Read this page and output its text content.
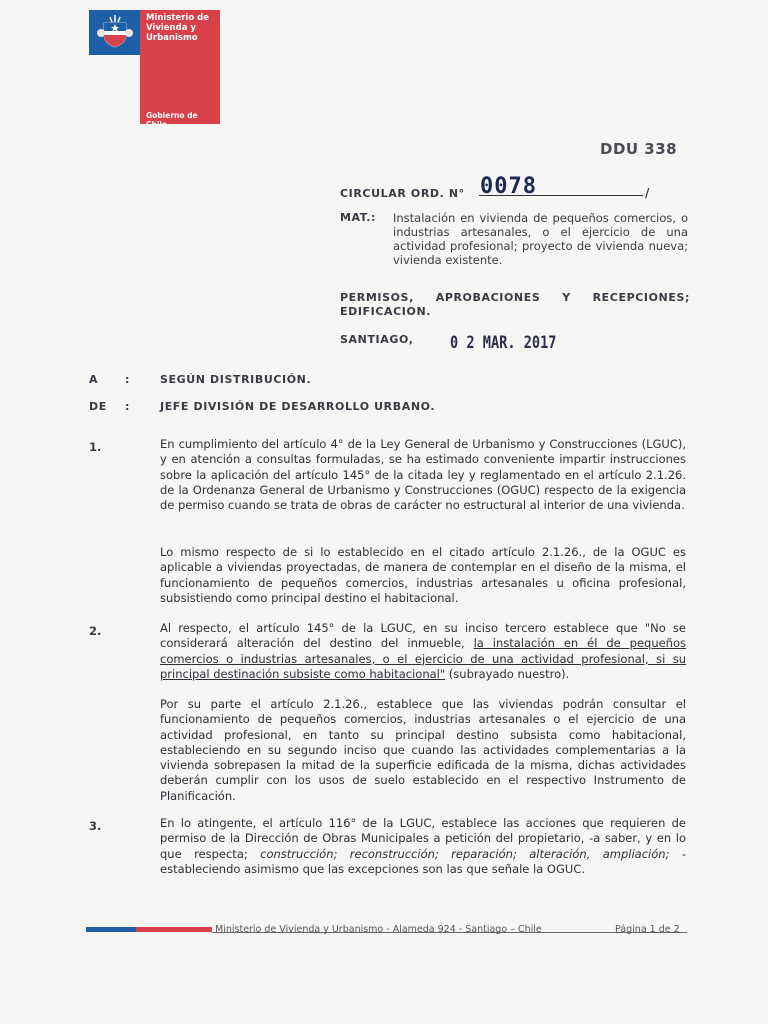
Ministerio de
Vivienda y
Urbanismo
Gobierno de Chile
DDU 338
CIRCULAR ORD. N° 0078	/
MAT.: Instalación en vivienda de pequeños comercios, o industrias artesanales, o el ejercicio de una actividad profesional; proyecto de vivienda nueva; vivienda existente.
PERMISOS, APROBACIONES Y RECEPCIONES; EDIFICACION.
SANTIAGO, 0 2 MAR. 2017
A :	SEGÚN DISTRIBUCIÓN.
DE :	JEFE DIVISIÓN DE DESARROLLO URBANO.
1.	En cumplimiento del artículo 4° de la Ley General de Urbanismo y Construcciones (LGUC), y en atención a consultas formuladas, se ha estimado conveniente impartir instrucciones sobre la aplicación del artículo 145° de la citada ley y reglamentado en el artículo 2.1.26. de la Ordenanza General de Urbanismo y Construcciones (OGUC) respecto de la exigencia de permiso cuando se trata de obras de carácter no estructural al interior de una vivienda.
Lo mismo respecto de si lo establecido en el citado artículo 2.1.26., de la OGUC es aplicable a viviendas proyectadas, de manera de contemplar en el diseño de la misma, el funcionamiento de pequeños comercios, industrias artesanales u oficina profesional, subsistiendo como principal destino el habitacional.
2.	Al respecto, el artículo 145° de la LGUC, en su inciso tercero establece que "No se considerará alteración del destino del inmueble, la instalación en él de pequeños comercios o industrias artesanales, o el ejercicio de una actividad profesional, si su principal destinación subsiste como habitacional" (subrayado nuestro).
Por su parte el artículo 2.1.26., establece que las viviendas podrán consultar el funcionamiento de pequeños comercios, industrias artesanales o el ejercicio de una actividad profesional, en tanto su principal destino subsista como habitacional, estableciendo en su segundo inciso que cuando las actividades complementarias a la vivienda sobrepasen la mitad de la superficie edificada de la misma, dichas actividades deberán cumplir con los usos de suelo establecido en el respectivo Instrumento de Planificación.
3.	En lo atingente, el artículo 116° de la LGUC, establece las acciones que requieren de permiso de la Dirección de Obras Municipales a petición del propietario, -a saber, y en lo que respecta; construcción; reconstrucción; reparación; alteración, ampliación; - estableciendo asimismo que las excepciones son las que señale la OGUC.
Ministerio de Vivienda y Urbanismo - Alameda 924 - Santiago – Chile	Página 1 de 2
